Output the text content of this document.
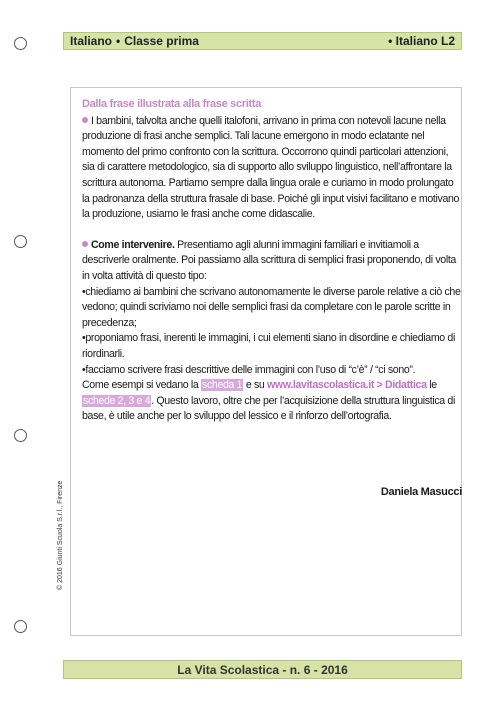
Italiano • Classe prima	• Italiano L2
Dalla frase illustrata alla frase scritta

I bambini, talvolta anche quelli italofoni, arrivano in prima con notevoli lacune nella produzione di frasi anche semplici. Tali lacune emergono in modo eclatante nel momento del primo confronto con la scrittura. Occorrono quindi particolari attenzioni, sia di carattere metodologico, sia di supporto allo sviluppo linguistico, nell’affrontare la scrittura autonoma. Partiamo sempre dalla lingua orale e curiamo in modo prolungato la padronanza della struttura frasale di base. Poiché gli input visivi facilitano e motivano la produzione, usiamo le frasi anche come didascalie.

Come intervenire. Presentiamo agli alunni immagini familiari e invitiamoli a descriverle oralmente. Poi passiamo alla scrittura di semplici frasi proponendo, di volta in volta attività di questo tipo:

•chiediamo ai bambini che scrivano autonomamente le diverse parole relative a ciò che vedono; quindi scriviamo noi delle semplici frasi da completare con le parole scritte in precedenza;

•proponiamo frasi, inerenti le immagini, i cui elementi siano in disordine e chiediamo di riordinarli.

•facciamo scrivere frasi descrittive delle immagini con l’uso di “c’è” / “ci sono”.

Come esempi si vedano la scheda 1 e su www.lavitascolastica.it > Didattica le schede 2, 3 e 4. Questo lavoro, oltre che per l’acquisizione della struttura linguistica di base, è utile anche per lo sviluppo del lessico e il rinforzo dell’ortografia.

Daniela Masucci
© 2016 Giunti Scuola S.r.l., Firenze
La Vita Scolastica - n. 6 - 2016
